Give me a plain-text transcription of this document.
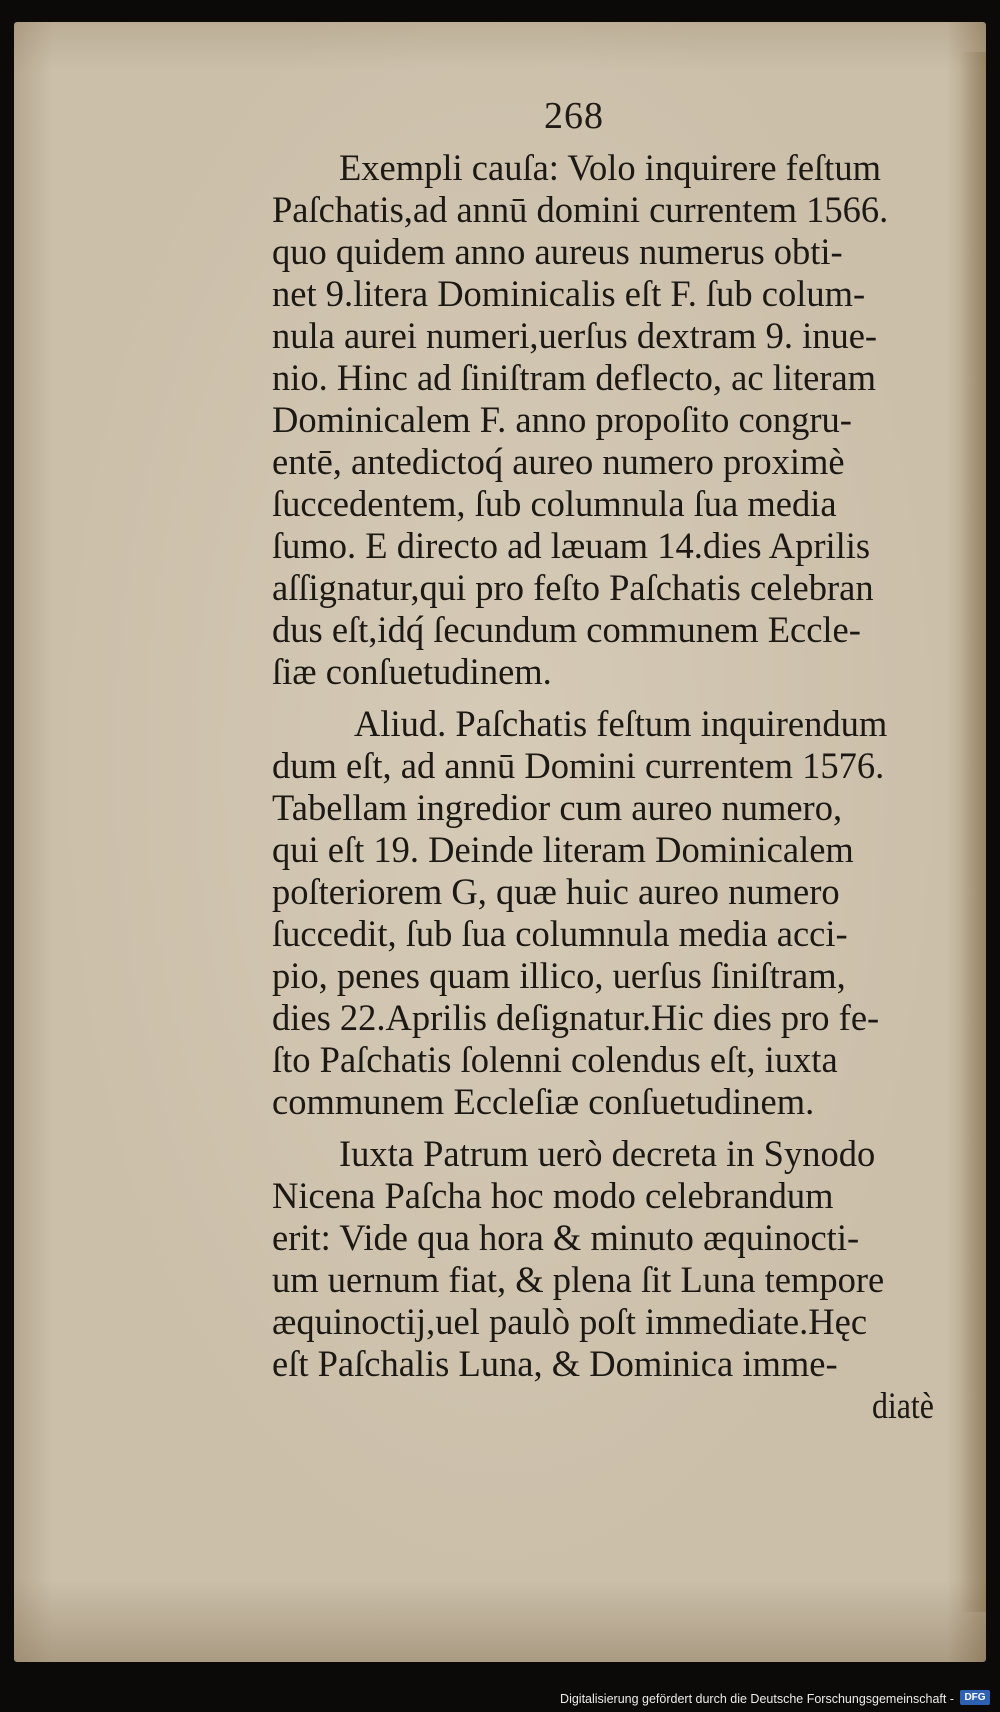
268
Exempli cauſa: Volo inquirere feſtum
Paſchatis,ad annū domini currentem 1566.
quo quidem anno aureus numerus obti-
net 9.litera Dominicalis eſt F. ſub colum-
nula aurei numeri,uerſus dextram 9. inue-
nio. Hinc ad ſiniſtram deflecto, ac literam
Dominicalem F. anno propoſito congru-
entē, antedictoq́ aureo numero proximè
ſuccedentem, ſub columnula ſua media
ſumo. E directo ad læuam 14.dies Aprilis
aſſignatur,qui pro feſto Paſchatis celebran
dus eſt,idq́ ſecundum communem Eccle-
ſiæ conſuetudinem.
Aliud. Paſchatis feſtum inquirendum
dum eſt, ad annū Domini currentem 1576.
Tabellam ingredior cum aureo numero,
qui eſt 19. Deinde literam Dominicalem
poſteriorem G, quæ huic aureo numero
ſuccedit, ſub ſua columnula media acci-
pio, penes quam illico, uerſus ſiniſtram,
dies 22.Aprilis deſignatur.Hic dies pro fe-
ſto Paſchatis ſolenni colendus eſt, iuxta
communem Eccleſiæ conſuetudinem.
Iuxta Patrum uerò decreta in Synodo
Nicena Paſcha hoc modo celebrandum
erit: Vide qua hora & minuto æquinocti-
um uernum fiat, & plena ſit Luna tempore
æquinoctij,uel paulò poſt immediate.Hęc
eſt Paſchalis Luna, & Dominica imme-
diatè
Digitalisierung gefördert durch die Deutsche Forschungsgemeinschaft -	DFG
